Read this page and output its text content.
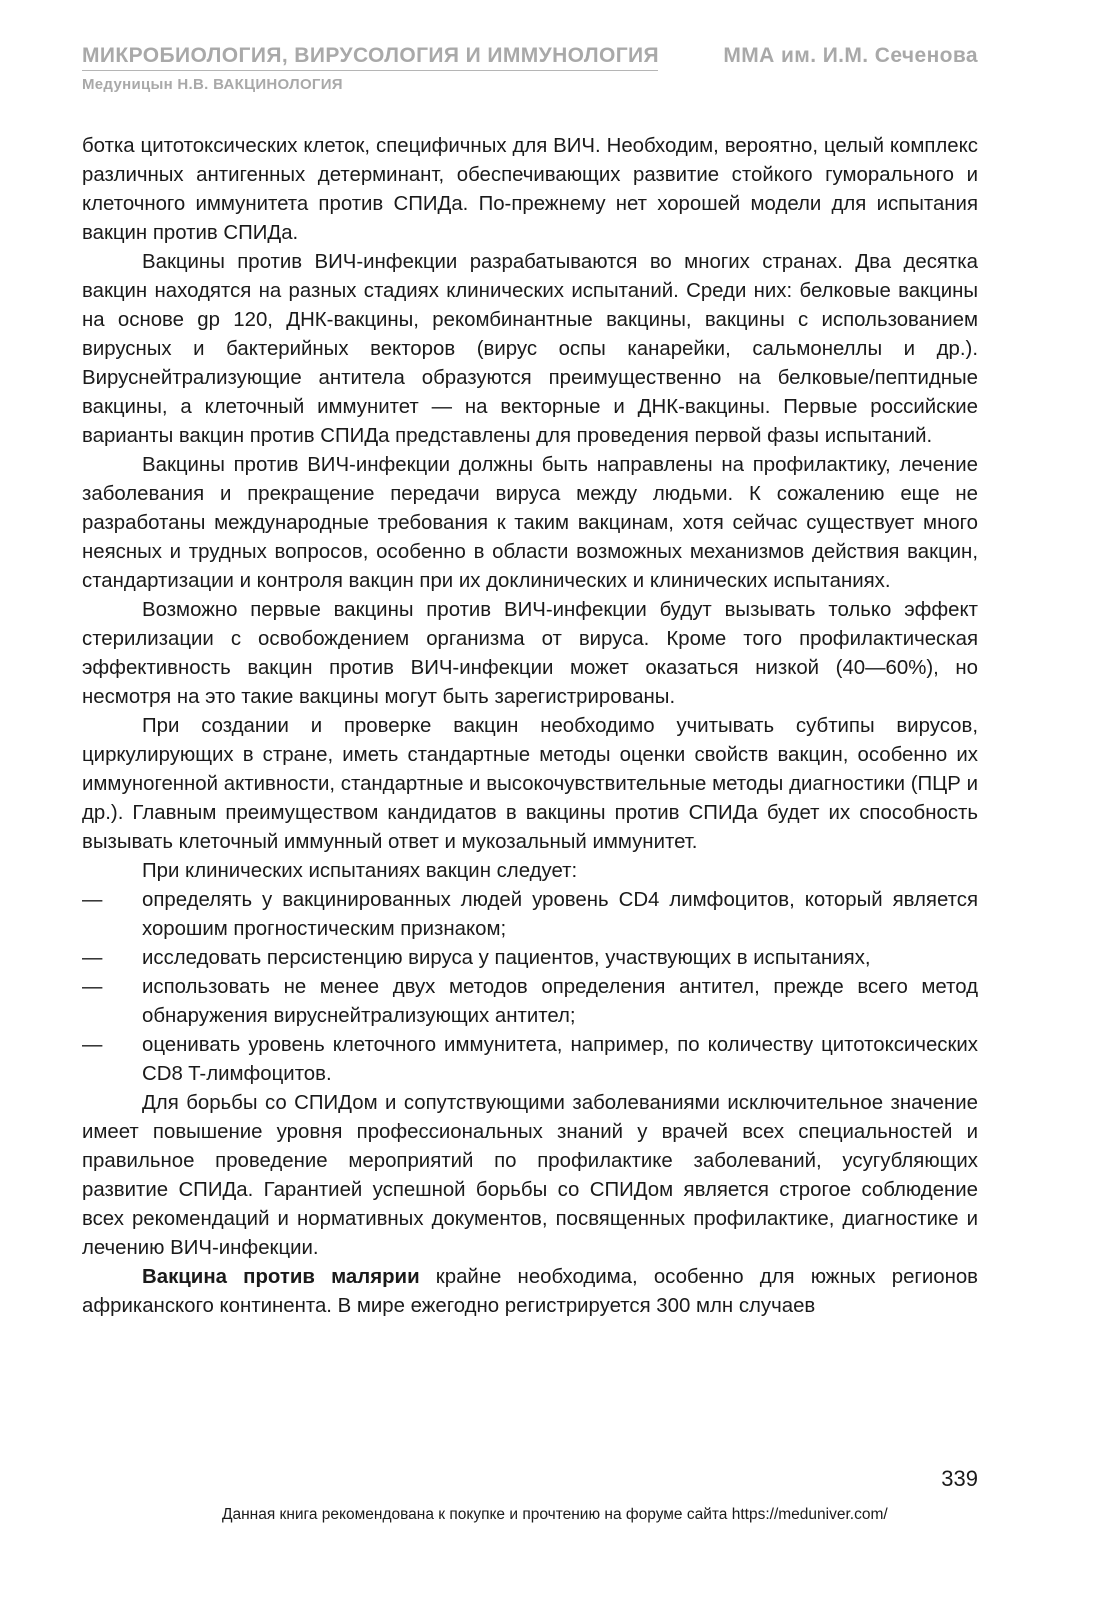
МИКРОБИОЛОГИЯ, ВИРУСОЛОГИЯ И ИММУНОЛОГИЯ	ММА им. И.М. Сеченова
Медуницын Н.В. ВАКЦИНОЛОГИЯ

ботка цитотоксических клеток, специфичных для ВИЧ. Необходим, вероятно, целый комплекс различных антигенных детерминант, обеспечивающих развитие стойкого гуморального и клеточного иммунитета против СПИДа. По-прежнему нет хорошей модели для испытания вакцин против СПИДа.

Вакцины против ВИЧ-инфекции разрабатываются во многих странах. Два десятка вакцин находятся на разных стадиях клинических испытаний. Среди них: белковые вакцины на основе gp 120, ДНК-вакцины, рекомбинантные вакцины, вакцины с использованием вирусных и бактерийных векторов (вирус оспы канарейки, сальмонеллы и др.). Вируснейтрализующие антитела образуются преимущественно на белковые/пептидные вакцины, а клеточный иммунитет — на векторные и ДНК-вакцины. Первые российские варианты вакцин против СПИДа представлены для проведения первой фазы испытаний.

Вакцины против ВИЧ-инфекции должны быть направлены на профилактику, лечение заболевания и прекращение передачи вируса между людьми. К сожалению еще не разработаны международные требования к таким вакцинам, хотя сейчас существует много неясных и трудных вопросов, особенно в области возможных механизмов действия вакцин, стандартизации и контроля вакцин при их доклинических и клинических испытаниях.

Возможно первые вакцины против ВИЧ-инфекции будут вызывать только эффект стерилизации с освобождением организма от вируса. Кроме того профилактическая эффективность вакцин против ВИЧ-инфекции может оказаться низкой (40—60%), но несмотря на это такие вакцины могут быть зарегистрированы.

При создании и проверке вакцин необходимо учитывать субтипы вирусов, циркулирующих в стране, иметь стандартные методы оценки свойств вакцин, особенно их иммуногенной активности, стандартные и высокочувствительные методы диагностики (ПЦР и др.). Главным преимуществом кандидатов в вакцины против СПИДа будет их способность вызывать клеточный иммунный ответ и мукозальный иммунитет.

При клинических испытаниях вакцин следует:

— определять у вакцинированных людей уровень CD4 лимфоцитов, который является хорошим прогностическим признаком;
— исследовать персистенцию вируса у пациентов, участвующих в испытаниях,
— использовать не менее двух методов определения антител, прежде всего метод обнаружения вируснейтрализующих антител;
— оценивать уровень клеточного иммунитета, например, по количеству цитотоксических CD8 T-лимфоцитов.

Для борьбы со СПИДом и сопутствующими заболеваниями исключительное значение имеет повышение уровня профессиональных знаний у врачей всех специальностей и правильное проведение мероприятий по профилактике заболеваний, усугубляющих развитие СПИДа. Гарантией успешной борьбы со СПИДом является строгое соблюдение всех рекомендаций и нормативных документов, посвященных профилактике, диагностике и лечению ВИЧ-инфекции.

Вакцина против малярии крайне необходима, особенно для южных регионов африканского континента. В мире ежегодно регистрируется 300 млн случаев

339
Данная книга рекомендована к покупке и прочтению на форуме сайта https://meduniver.com/
